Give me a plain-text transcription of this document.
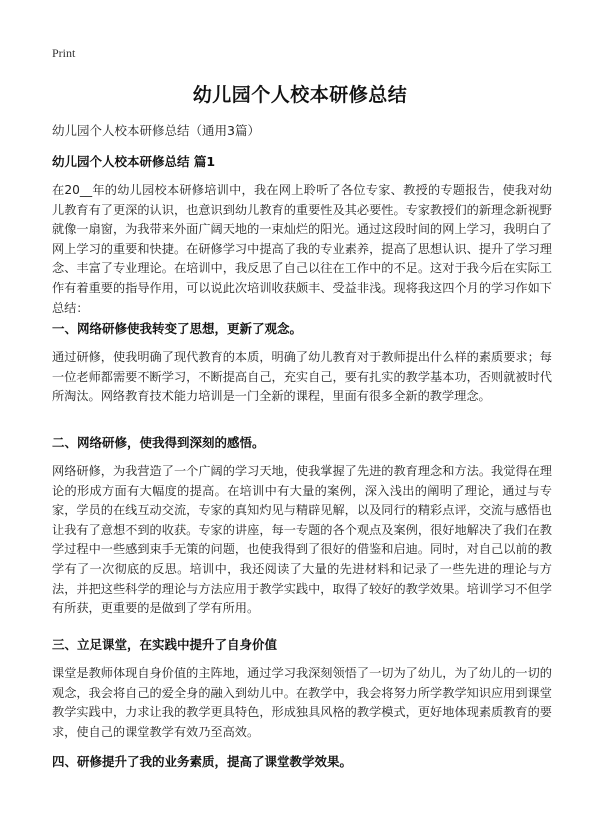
Print
幼儿园个人校本研修总结
幼儿园个人校本研修总结（通用3篇）
幼儿园个人校本研修总结 篇1
在20__年的幼儿园校本研修培训中，我在网上聆听了各位专家、教授的专题报告，使我对幼儿教育有了更深的认识，也意识到幼儿教育的重要性及其必要性。专家教授们的新理念新视野就像一扇窗，为我带来外面广阔天地的一束灿烂的阳光。通过这段时间的网上学习，我明白了网上学习的重要和快捷。在研修学习中提高了我的专业素养，提高了思想认识、提升了学习理念、丰富了专业理论。在培训中，我反思了自己以往在工作中的不足。这对于我今后在实际工作有着重要的指导作用，可以说此次培训收获颇丰、受益非浅。现将我这四个月的学习作如下总结：
一、网络研修使我转变了思想，更新了观念。
通过研修，使我明确了现代教育的本质，明确了幼儿教育对于教师提出什么样的素质要求；每一位老师都需要不断学习，不断提高自己，充实自己，要有扎实的教学基本功，否则就被时代所淘汰。网络教育技术能力培训是一门全新的课程，里面有很多全新的教学理念。
二、网络研修，使我得到深刻的感悟。
网络研修，为我营造了一个广阔的学习天地，使我掌握了先进的教育理念和方法。我觉得在理论的形成方面有大幅度的提高。在培训中有大量的案例，深入浅出的阐明了理论，通过与专家，学员的在线互动交流，专家的真知灼见与精辟见解，以及同行的精彩点评，交流与感悟也让我有了意想不到的收获。专家的讲座，每一专题的各个观点及案例，很好地解决了我们在教学过程中一些感到束手无策的问题，也使我得到了很好的借鉴和启迪。同时，对自己以前的教学有了一次彻底的反思。培训中，我还阅读了大量的先进材料和记录了一些先进的理论与方法，并把这些科学的理论与方法应用于教学实践中，取得了较好的教学效果。培训学习不但学有所获，更重要的是做到了学有所用。
三、立足课堂，在实践中提升了自身价值
课堂是教师体现自身价值的主阵地，通过学习我深刻领悟了一切为了幼儿，为了幼儿的一切的观念，我会将自己的爱全身的融入到幼儿中。在教学中，我会将努力所学教学知识应用到课堂教学实践中，力求让我的教学更具特色，形成独具风格的教学模式，更好地体现素质教育的要求，使自己的课堂教学有效乃至高效。
四、研修提升了我的业务素质，提高了课堂教学效果。
